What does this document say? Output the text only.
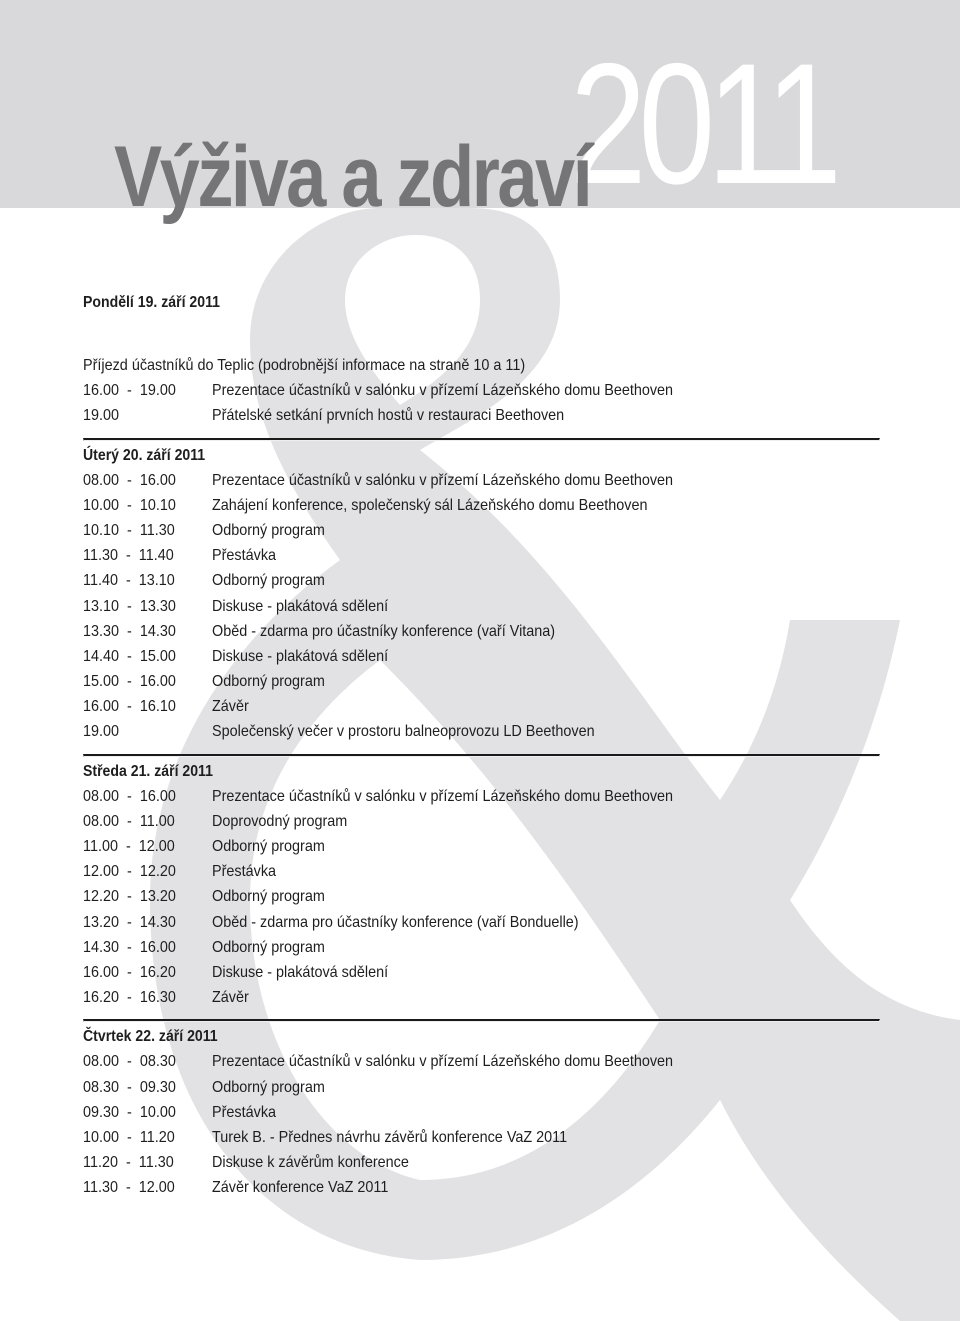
2011
Výživa a zdraví
Pondělí 19. září 2011
Příjezd účastníků do Teplic (podrobnější informace na straně 10 a 11)
16.00  -  19.00	Prezentace účastníků v salónku v přízemí Lázeňského domu Beethoven
19.00	Přátelské setkání prvních hostů v restauraci Beethoven
Úterý 20. září 2011
08.00  -  16.00	Prezentace účastníků v salónku v přízemí Lázeňského domu Beethoven
10.00  -  10.10	Zahájení konference, společenský sál Lázeňského domu Beethoven
10.10  -  11.30	Odborný program
11.30  -  11.40	Přestávka
11.40  -  13.10	Odborný program
13.10  -  13.30	Diskuse - plakátová sdělení
13.30  -  14.30	Oběd - zdarma pro účastníky konference (vaří Vitana)
14.40  -  15.00	Diskuse - plakátová sdělení
15.00  -  16.00	Odborný program
16.00  -  16.10	Závěr
19.00	Společenský večer v prostoru balneoprovozu LD Beethoven
Středa 21. září 2011
08.00  -  16.00	Prezentace účastníků v salónku v přízemí Lázeňského domu Beethoven
08.00  -  11.00	Doprovodný program
11.00  -  12.00	Odborný program
12.00  -  12.20	Přestávka
12.20  -  13.20	Odborný program
13.20  -  14.30	Oběd - zdarma pro účastníky konference (vaří Bonduelle)
14.30  -  16.00	Odborný program
16.00  -  16.20	Diskuse - plakátová sdělení
16.20  -  16.30	Závěr
Čtvrtek 22. září 2011
08.00  -  08.30	Prezentace účastníků v salónku v přízemí Lázeňského domu Beethoven
08.30  -  09.30	Odborný program
09.30  -  10.00	Přestávka
10.00  -  11.20	Turek B. - Přednes návrhu závěrů konference VaZ 2011
11.20  -  11.30	Diskuse k závěrům konference
11.30  -  12.00	Závěr konference VaZ 2011
